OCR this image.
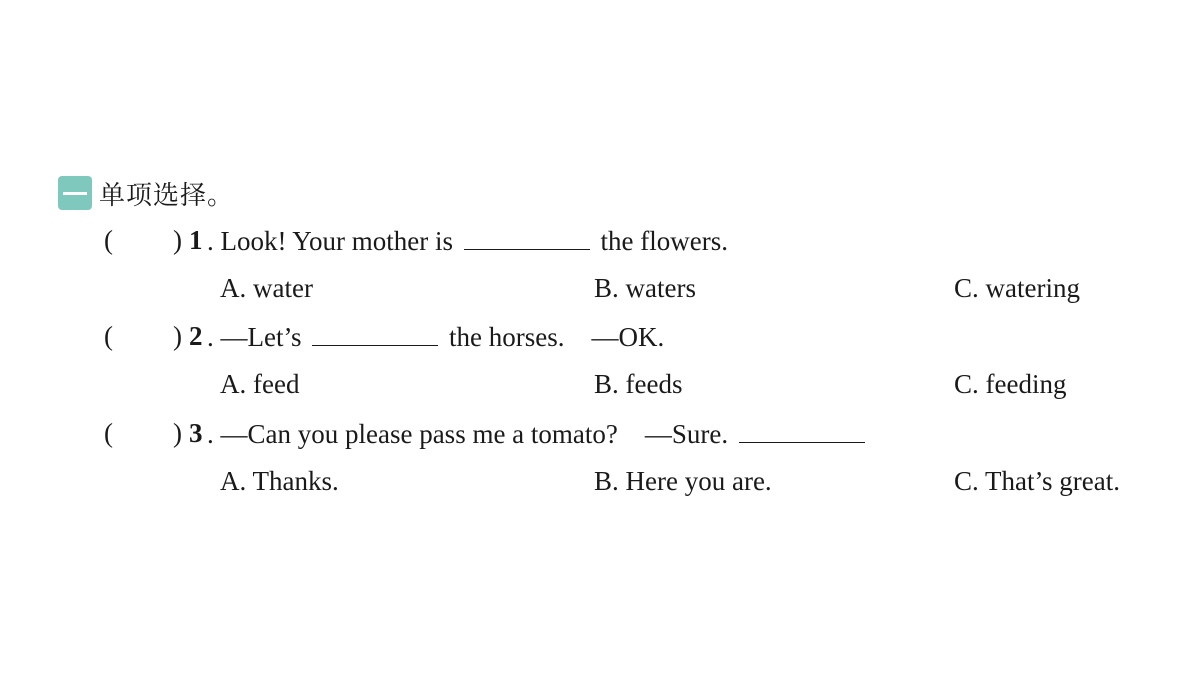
单项选择。
( ) 1 . Look! Your mother is	the flowers.
A. water	B. waters	C. watering
( ) 2 . —Let’s	the horses.    —OK.
A. feed	B. feeds	C. feeding
( ) 3 . —Can you please pass me a tomato?    —Sure.
A. Thanks.	B. Here you are.	C. That’s great.
